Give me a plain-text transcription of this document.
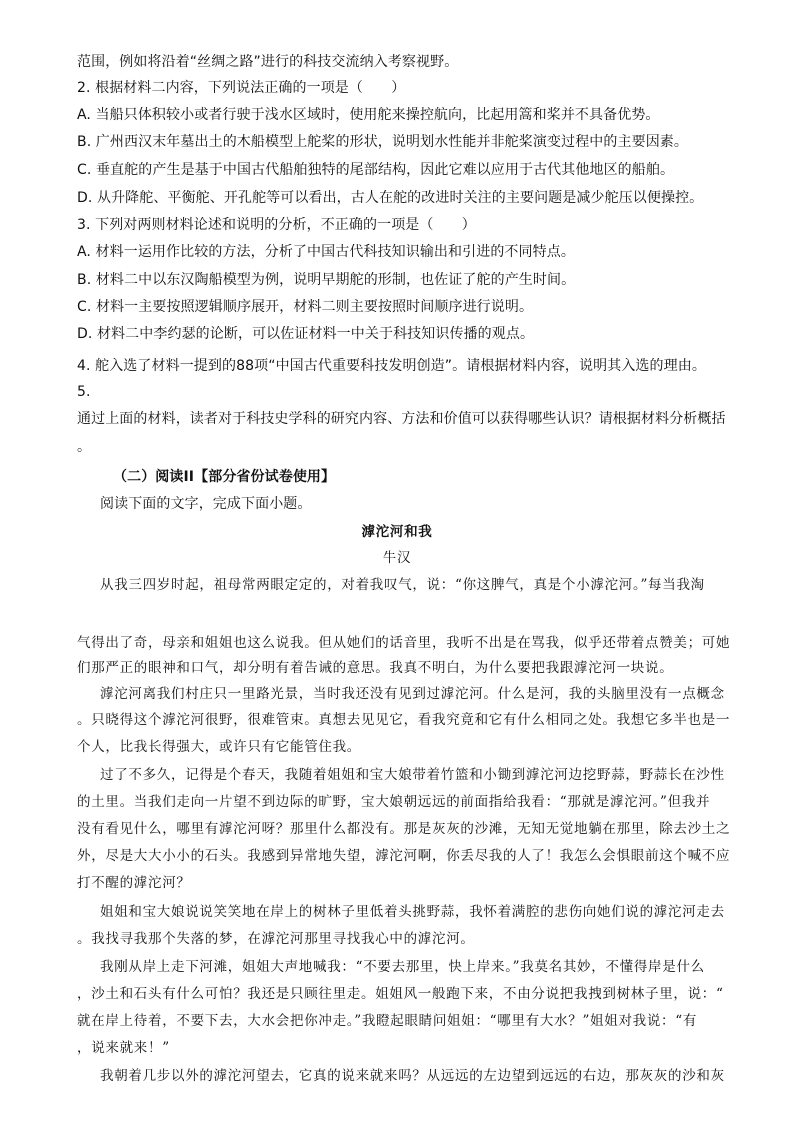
范围，例如将沿着“丝绸之路”进行的科技交流纳入考察视野。

2. 根据材料二内容，下列说法正确的一项是（　　）

A. 当船只体积较小或者行驶于浅水区域时，使用舵来操控航向，比起用篙和桨并不具备优势。

B. 广州西汉末年墓出土的木船模型上舵桨的形状，说明划水性能并非舵桨演变过程中的主要因素。

C. 垂直舵的产生是基于中国古代船舶独特的尾部结构，因此它难以应用于古代其他地区的船舶。

D. 从升降舵、平衡舵、开孔舵等可以看出，古人在舵的改进时关注的主要问题是减少舵压以便操控。

3. 下列对两则材料论述和说明的分析，不正确的一项是（　　）

A. 材料一运用作比较的方法，分析了中国古代科技知识输出和引进的不同特点。

B. 材料二中以东汉陶船模型为例，说明早期舵的形制，也佐证了舵的产生时间。

C. 材料一主要按照逻辑顺序展开，材料二则主要按照时间顺序进行说明。

D. 材料二中李约瑟的论断，可以佐证材料一中关于科技知识传播的观点。

4. 舵入选了材料一提到的88项“中国古代重要科技发明创造”。请根据材料内容，说明其入选的理由。

5.

通过上面的材料，读者对于科技史学科的研究内容、方法和价值可以获得哪些认识？请根据材料分析概括

。

（二）阅读II【部分省份试卷使用】

阅读下面的文字，完成下面小题。

滹沱河和我

牛汉

从我三四岁时起，祖母常两眼定定的，对着我叹气，说：“你这脾气，真是个小滹沱河。”每当我淘

气得出了奇，母亲和姐姐也这么说我。但从她们的话音里，我听不出是在骂我，似乎还带着点赞美；可她

们那严正的眼神和口气，却分明有着告诫的意思。我真不明白，为什么要把我跟滹沱河一块说。

滹沱河离我们村庄只一里路光景，当时我还没有见到过滹沱河。什么是河，我的头脑里没有一点概念

。只晓得这个滹沱河很野，很难管束。真想去见见它，看我究竟和它有什么相同之处。我想它多半也是一

个人，比我长得强大，或许只有它能管住我。

过了不多久，记得是个春天，我随着姐姐和宝大娘带着竹篮和小锄到滹沱河边挖野蒜，野蒜长在沙性

的土里。当我们走向一片望不到边际的旷野，宝大娘朝远远的前面指给我看：“那就是滹沱河。”但我并

没有看见什么，哪里有滹沱河呀？那里什么都没有。那是灰灰的沙滩，无知无觉地躺在那里，除去沙土之

外，尽是大大小小的石头。我感到异常地失望，滹沱河啊，你丢尽我的人了！我怎么会惧眼前这个喊不应

打不醒的滹沱河？

姐姐和宝大娘说说笑笑地在岸上的树林子里低着头挑野蒜，我怀着满腔的悲伤向她们说的滹沱河走去

。我找寻我那个失落的梦，在滹沱河那里寻找我心中的滹沱河。

我刚从岸上走下河滩，姐姐大声地喊我：“不要去那里，快上岸来。”我莫名其妙，不懂得岸是什么

，沙土和石头有什么可怕？我还是只顾往里走。姐姐风一般跑下来，不由分说把我拽到树林子里，说：“

就在岸上待着，不要下去，大水会把你冲走。”我瞪起眼睛问姐姐：“哪里有大水？”姐姐对我说：“有

，说来就来！”

我朝着几步以外的滹沱河望去，它真的说来就来吗？从远远的左边望到远远的右边，那灰灰的沙和灰
